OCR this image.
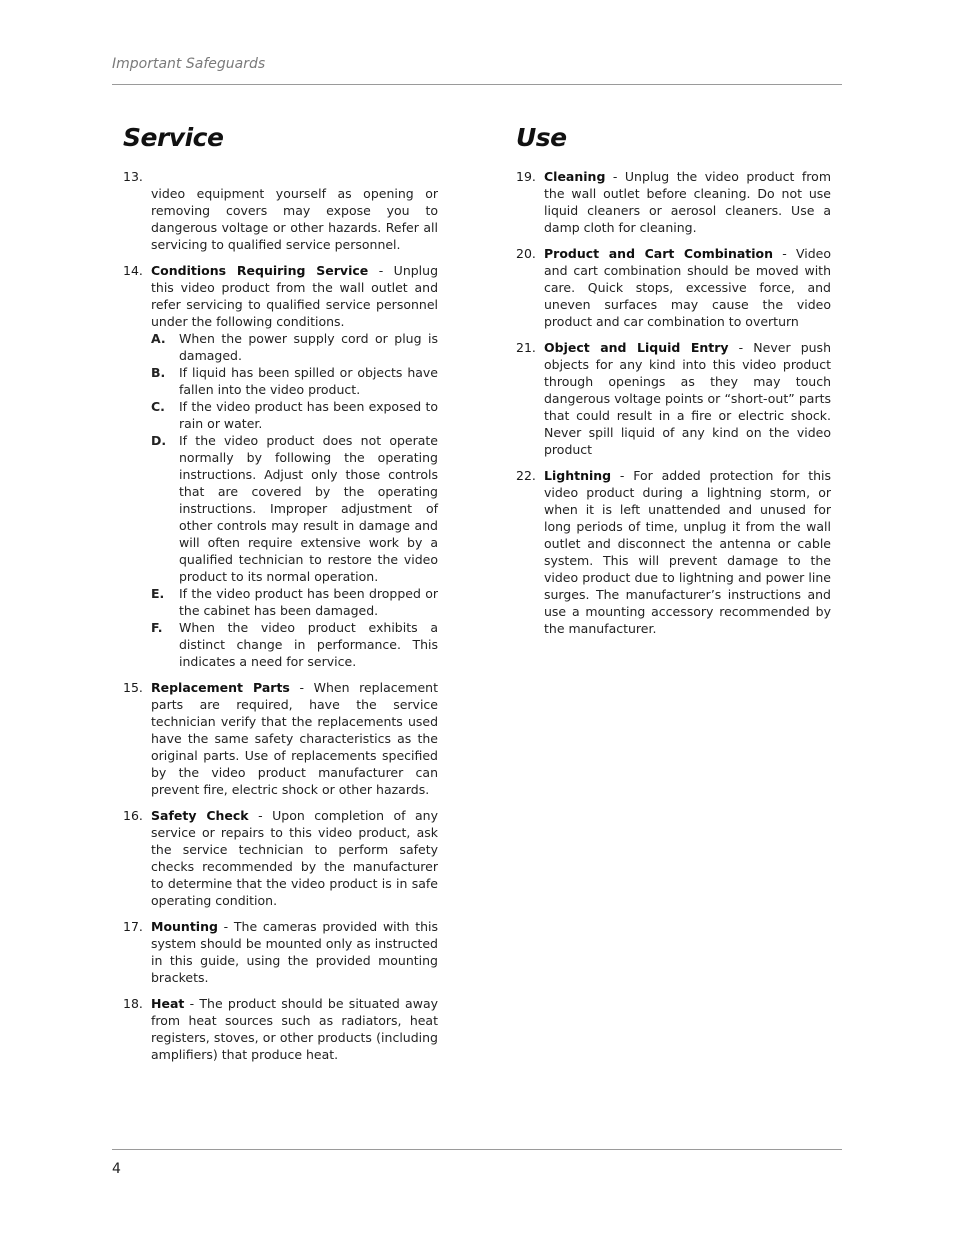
Important Safeguards
Service
13.
video equipment yourself as opening or removing covers may expose you to dangerous voltage or other hazards. Refer all servicing to qualified service personnel.
14. Conditions Requiring Service - Unplug this video product from the wall outlet and refer servicing to qualified service personnel under the following conditions.
A.	When the power supply cord or plug is damaged.
B.	If liquid has been spilled or objects have fallen into the video product.
C.	If the video product has been exposed to rain or water.
D.	If the video product does not operate normally by following the operating instructions. Adjust only those controls that are covered by the operating instructions. Improper adjustment of other controls may result in damage and will often require extensive work by a qualified technician to restore the video product to its normal operation.
E.	If the video product has been dropped or the cabinet has been damaged.
F.	When the video product exhibits a distinct change in performance. This indicates a need for service.
15. Replacement Parts - When replacement parts are required, have the service technician verify that the replacements used have the same safety characteristics as the original parts. Use of replacements specified by the video product manufacturer can prevent fire, electric shock or other hazards.
16. Safety Check - Upon completion of any service or repairs to this video product, ask the service technician to perform safety checks recommended by the manufacturer to determine that the video product is in safe operating condition.
17. Mounting - The cameras provided with this system should be mounted only as instructed in this guide, using the provided mounting brackets.
18. Heat - The product should be situated away from heat sources such as radiators, heat registers, stoves, or other products (including amplifiers) that produce heat.
Use
19. Cleaning - Unplug the video product from the wall outlet before cleaning. Do not use liquid cleaners or aerosol cleaners. Use a damp cloth for cleaning.
20. Product and Cart Combination - Video and cart combination should be moved with care. Quick stops, excessive force, and uneven surfaces may cause the video product and car combination to overturn
21. Object and Liquid Entry - Never push objects for any kind into this video product through openings as they may touch dangerous voltage points or “short-out” parts that could result in a fire or electric shock. Never spill liquid of any kind on the video product
22. Lightning - For added protection for this video product during a lightning storm, or when it is left unattended and unused for long periods of time, unplug it from the wall outlet and disconnect the antenna or cable system. This will prevent damage to the video product due to lightning and power line surges. The manufacturer’s instructions and use a mounting accessory recommended by the manufacturer.
4
